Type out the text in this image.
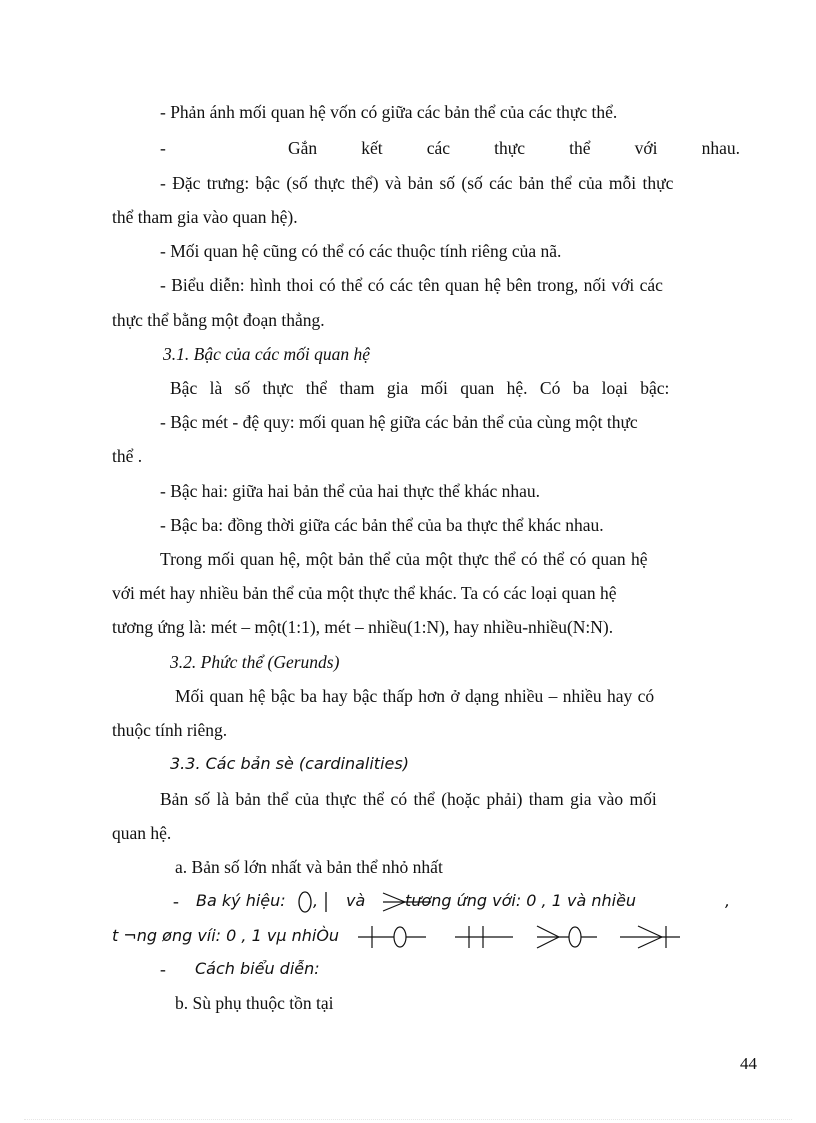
- Phản ánh mối quan hệ vốn có giữa các bản thể của các thực thể.
-	Gắn	kết	các	thực	thể	với	nhau.
- Đặc trưng: bậc (số thực thể) và bản số (số các bản thể của mỗi thực
thể tham gia vào quan hệ).
- Mối quan hệ cũng có thể có các thuộc tính riêng của nã.
- Biểu diễn: hình thoi có thể có các tên quan hệ bên trong, nối với các
thực thể bằng một đoạn thẳng.
3.1. Bậc của các mối quan hệ
Bậc là số thực thể tham gia mối quan hệ. Có ba loại bậc:
- Bậc mét - đệ quy: mối quan hệ giữa các bản thể của cùng một thực
thể .
- Bậc hai: giữa hai bản thể của hai thực thể khác nhau.
- Bậc ba: đồng thời giữa các bản thể của ba thực thể khác nhau.
Trong mối quan hệ, một bản thể của một thực thể có thể có quan hệ
với mét hay nhiều bản thể của một thực thể khác. Ta có các loại quan hệ
tương ứng là: mét – một(1:1), mét – nhiều(1:N), hay nhiều-nhiều(N:N).
3.2. Phức thể (Gerunds)
Mối quan hệ bậc ba hay bậc thấp hơn ở dạng nhiều – nhiều hay có
thuộc tính riêng.
3.3. Các bản sè (cardinalities)
Bản số là bản thể của thực thể có thể (hoặc phải) tham gia vào mối
quan hệ.
a. Bản số lớn nhất và bản thể nhỏ nhất
- Ba ký hiệu: , và tương ứng với: 0 , 1 và nhiều	,
t ¬ng øng víi: 0 , 1 vµ nhiÒu
- Cách biểu diễn:
b. Sù phụ thuộc tồn tại
44
